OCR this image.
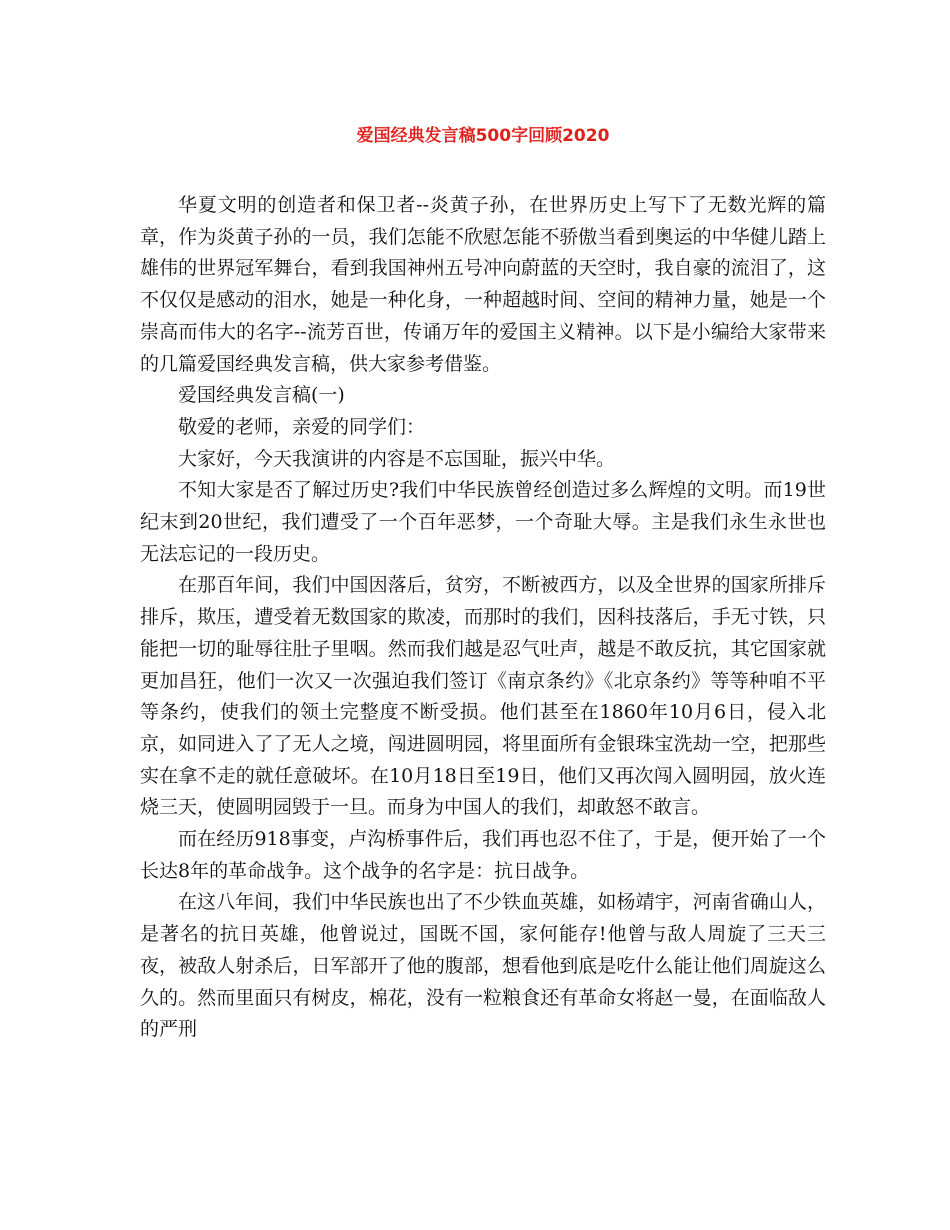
爱国经典发言稿500字回顾2020

华夏文明的创造者和保卫者--炎黄子孙，在世界历史上写下了无数光辉的篇章，作为炎黄子孙的一员，我们怎能不欣慰怎能不骄傲当看到奥运的中华健儿踏上雄伟的世界冠军舞台，看到我国神州五号冲向蔚蓝的天空时，我自豪的流泪了，这不仅仅是感动的泪水，她是一种化身，一种超越时间、空间的精神力量，她是一个崇高而伟大的名字--流芳百世，传诵万年的爱国主义精神。以下是小编给大家带来的几篇爱国经典发言稿，供大家参考借鉴。

爱国经典发言稿(一)

敬爱的老师，亲爱的同学们：

大家好，今天我演讲的内容是不忘国耻，振兴中华。

不知大家是否了解过历史?我们中华民族曾经创造过多么辉煌的文明。而19世纪末到20世纪，我们遭受了一个百年恶梦，一个奇耻大辱。主是我们永生永世也无法忘记的一段历史。

在那百年间，我们中国因落后，贫穷，不断被西方，以及全世界的国家所排斥排斥，欺压，遭受着无数国家的欺凌，而那时的我们，因科技落后，手无寸铁，只能把一切的耻辱往肚子里咽。然而我们越是忍气吐声，越是不敢反抗，其它国家就更加昌狂，他们一次又一次强迫我们签订《南京条约》《北京条约》等等种咱不平等条约，使我们的领土完整度不断受损。他们甚至在1860年10月6日，侵入北京，如同进入了了无人之境，闯进圆明园，将里面所有金银珠宝洗劫一空，把那些实在拿不走的就任意破坏。在10月18日至19日，他们又再次闯入圆明园，放火连烧三天，使圆明园毁于一旦。而身为中国人的我们，却敢怒不敢言。

而在经历918事变，卢沟桥事件后，我们再也忍不住了，于是，便开始了一个长达8年的革命战争。这个战争的名字是：抗日战争。

在这八年间，我们中华民族也出了不少铁血英雄，如杨靖宇，河南省确山人，是著名的抗日英雄，他曾说过，国既不国，家何能存!他曾与敌人周旋了三天三夜，被敌人射杀后，日军部开了他的腹部，想看他到底是吃什么能让他们周旋这么久的。然而里面只有树皮，棉花，没有一粒粮食还有革命女将赵一曼，在面临敌人的严刑
